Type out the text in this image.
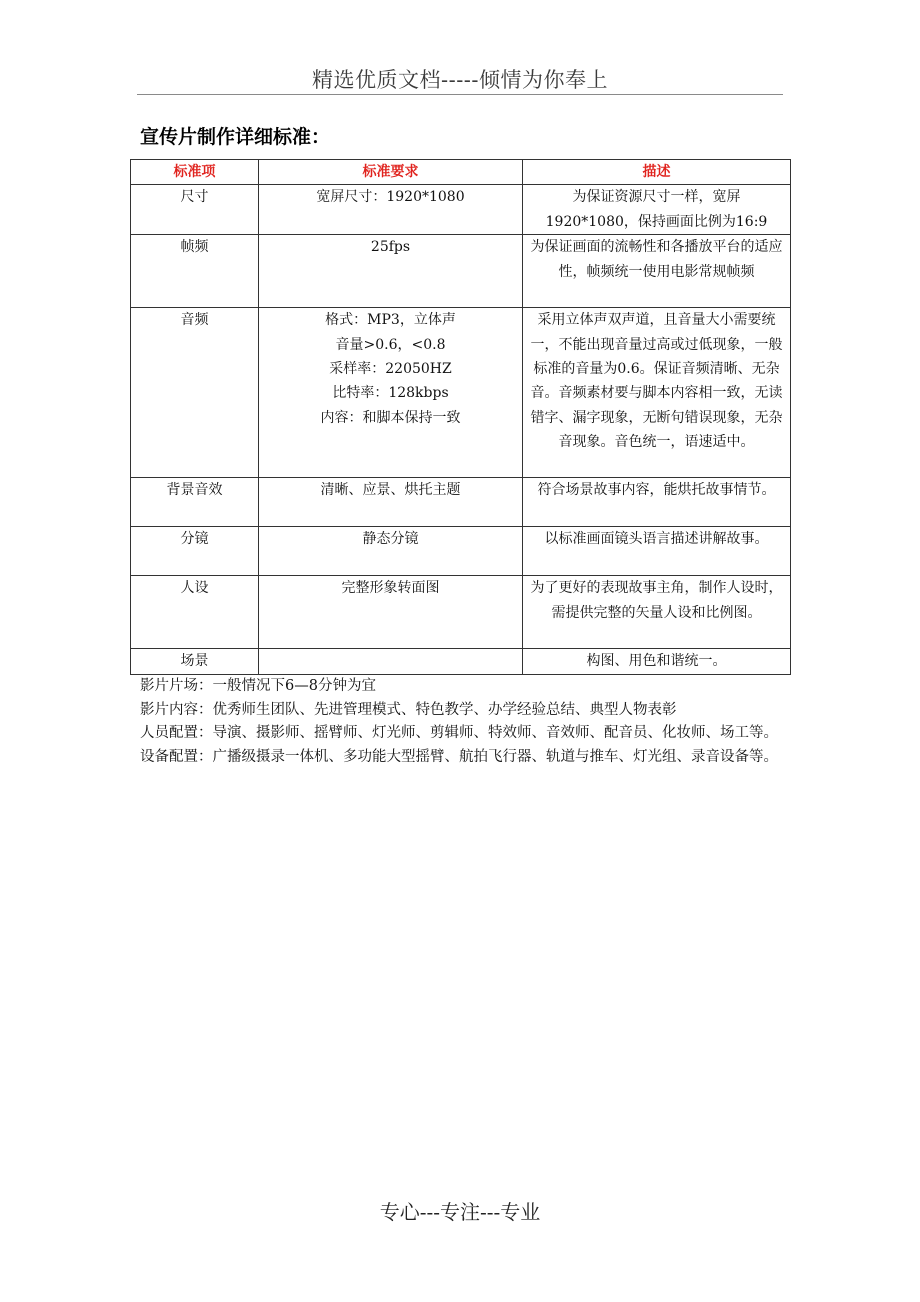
精选优质文档-----倾情为你奉上
宣传片制作详细标准：
标准项	标准要求	描述
尺寸	宽屏尺寸：1920*1080	为保证资源尺寸一样，宽屏1920*1080，保持画面比例为16:9
帧频	25fps	为保证画面的流畅性和各播放平台的适应性，帧频统一使用电影常规帧频
音频	格式：MP3，立体声
音量>0.6，<0.8
采样率：22050HZ
比特率：128kbps
内容：和脚本保持一致	采用立体声双声道，且音量大小需要统一，不能出现音量过高或过低现象，一般标准的音量为0.6。保证音频清晰、无杂音。音频素材要与脚本内容相一致，无读错字、漏字现象，无断句错误现象，无杂音现象。音色统一，语速适中。
背景音效	清晰、应景、烘托主题	符合场景故事内容，能烘托故事情节。
分镜	静态分镜	以标准画面镜头语言描述讲解故事。
人设	完整形象转面图	为了更好的表现故事主角，制作人设时，需提供完整的矢量人设和比例图。
场景		构图、用色和谐统一。

影片片场：一般情况下6—8分钟为宜

影片内容：优秀师生团队、先进管理模式、特色教学、办学经验总结、典型人物表彰

人员配置：导演、摄影师、摇臂师、灯光师、剪辑师、特效师、音效师、配音员、化妆师、场工等。

设备配置：广播级摄录一体机、多功能大型摇臂、航拍飞行器、轨道与推车、灯光组、录音设备等。

专心---专注---专业
